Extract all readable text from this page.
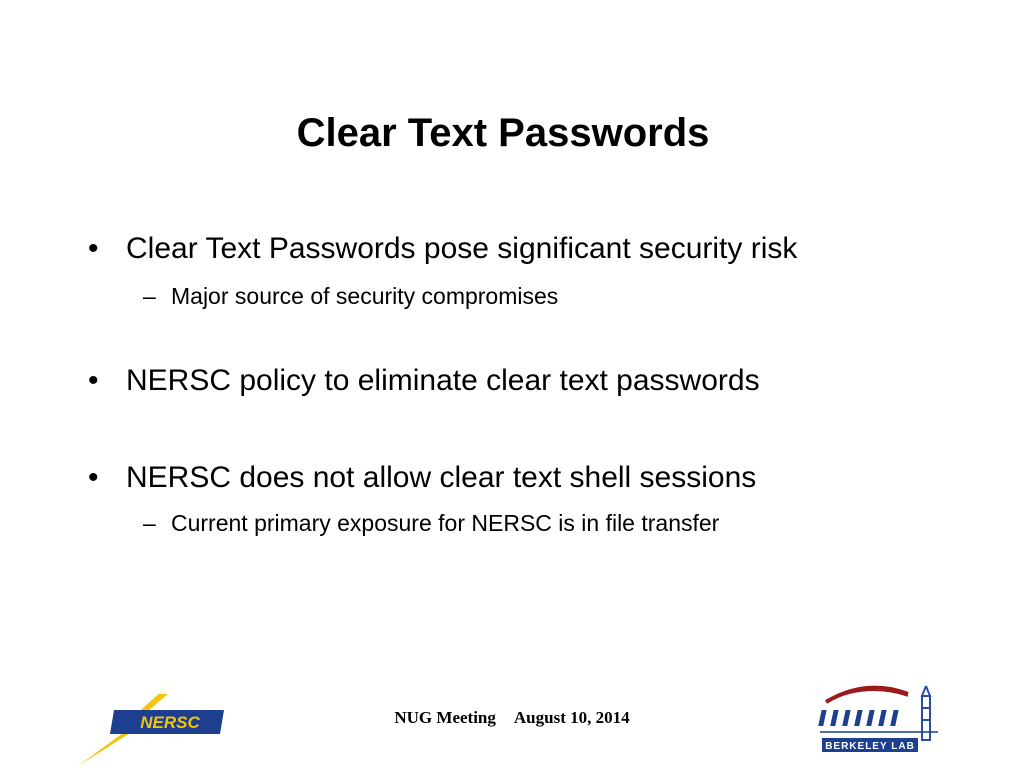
Clear Text Passwords
• Clear Text Passwords pose significant security risk
– Major source of security compromises
• NERSC policy to eliminate clear text passwords
• NERSC does not allow clear text shell sessions
– Current primary exposure for NERSC is in file transfer
NERSC	NUG Meeting August 10, 2014
BERKELEY LAB
